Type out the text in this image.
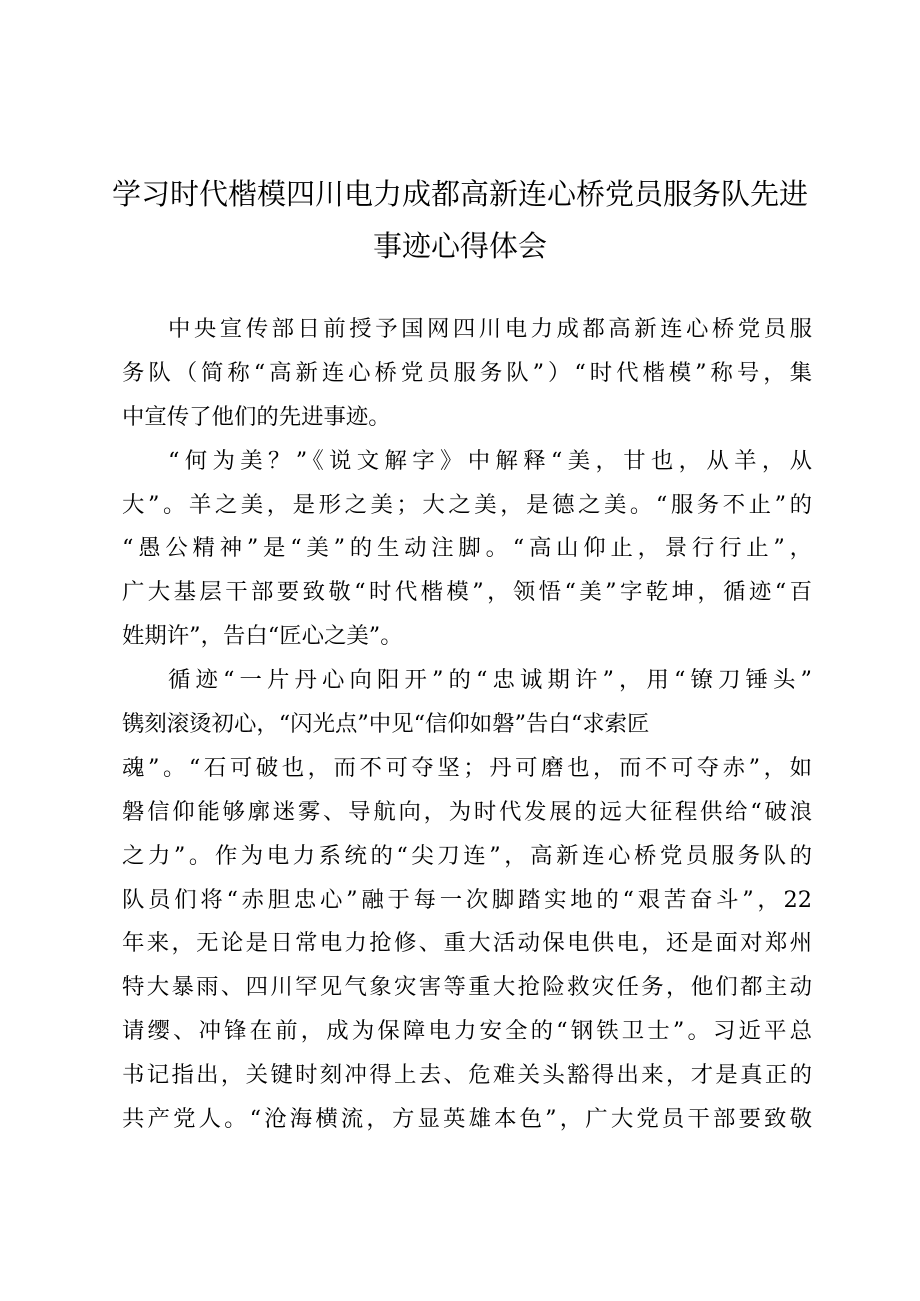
学习时代楷模四川电力成都高新连心桥党员服务队先进
事迹心得体会
中央宣传部日前授予国网四川电力成都高新连心桥党员服
务队（简称“高新连心桥党员服务队”）“时代楷模”称号，集
中宣传了他们的先进事迹。
“何为美？”《说文解字》中解释“美，甘也，从羊，从
大”。羊之美，是形之美；大之美，是德之美。“服务不止”的
“愚公精神”是“美”的生动注脚。“高山仰止，景行行止”，
广大基层干部要致敬“时代楷模”，领悟“美”字乾坤，循迹“百
姓期许”，告白“匠心之美”。
循迹“一片丹心向阳开”的“忠诚期许”，用“镣刀锤头”
镌刻滚烫初心，“闪光点”中见“信仰如磐”告白“求索匠
魂”。“石可破也，而不可夺坚；丹可磨也，而不可夺赤”，如
磐信仰能够廓迷雾、导航向，为时代发展的远大征程供给“破浪
之力”。作为电力系统的“尖刀连”，高新连心桥党员服务队的
队员们将“赤胆忠心”融于每一次脚踏实地的“艰苦奋斗”，22
年来，无论是日常电力抢修、重大活动保电供电，还是面对郑州
特大暴雨、四川罕见气象灾害等重大抢险救灾任务，他们都主动
请缨、冲锋在前，成为保障电力安全的“钢铁卫士”。习近平总
书记指出，关键时刻冲得上去、危难关头豁得出来，才是真正的
共产党人。“沧海横流，方显英雄本色”，广大党员干部要致敬
